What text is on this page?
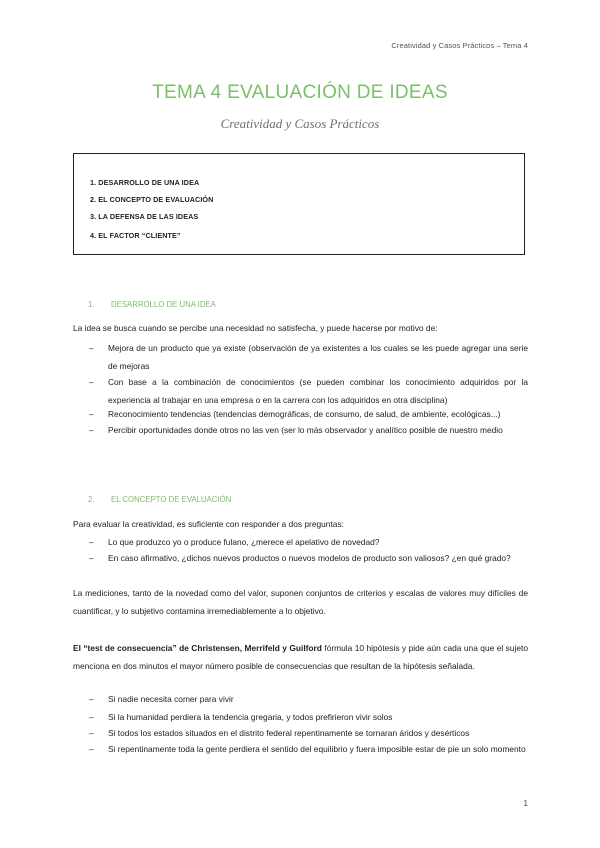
Creatividad y Casos Prácticos – Tema 4
TEMA 4 EVALUACIÓN DE IDEAS
Creatividad y Casos Prácticos
1. DESARROLLO DE UNA IDEA
2. EL CONCEPTO DE EVALUACIÓN
3. LA DEFENSA DE LAS IDEAS
4. EL FACTOR “CLIENTE”
1. DESARROLLO DE UNA IDEA
La idea se busca cuando se percibe una necesidad no satisfecha, y puede hacerse por motivo de:
– Mejora de un producto que ya existe (observación de ya existentes a los cuales se les puede agregar una serie de mejoras
– Con base a la combinación de conocimientos (se pueden combinar los conocimiento adquiridos por la experiencia al trabajar en una empresa o en la carrera con los adquiridos en otra disciplina)
– Reconocimiento tendencias (tendencias demográficas, de consumo, de salud, de ambiente, ecológicas...)
– Percibir oportunidades donde otros no las ven (ser lo más observador y analítico posible de nuestro medio
2. EL CONCEPTO DE EVALUACIÓN
Para evaluar la creatividad, es suficiente con responder a dos preguntas:
– Lo que produzco yo o produce fulano, ¿merece el apelativo de novedad?
– En caso afirmativo, ¿dichos nuevos productos o nuevos modelos de producto son valiosos? ¿en qué grado?
La mediciones, tanto de la novedad como del valor, suponen conjuntos de criterios y escalas de valores muy difíciles de cuantificar, y lo subjetivo contamina irremediablemente a lo objetivo.
El “test de consecuencia” de Christensen, Merrifeld y Guilford fórmula 10 hipótesis y pide aún cada una que el sujeto menciona en dos minutos el mayor número posible de consecuencias que resultan de la hipótesis señalada.
– Si nadie necesita comer para vivir
– Si la humanidad perdiera la tendencia gregaria, y todos prefirieron vivir solos
– Si todos los estados situados en el distrito federal repentinamente se tornaran áridos y desérticos
– Si repentinamente toda la gente perdiera el sentido del equilibrio y fuera imposible estar de pie un solo momento
1
